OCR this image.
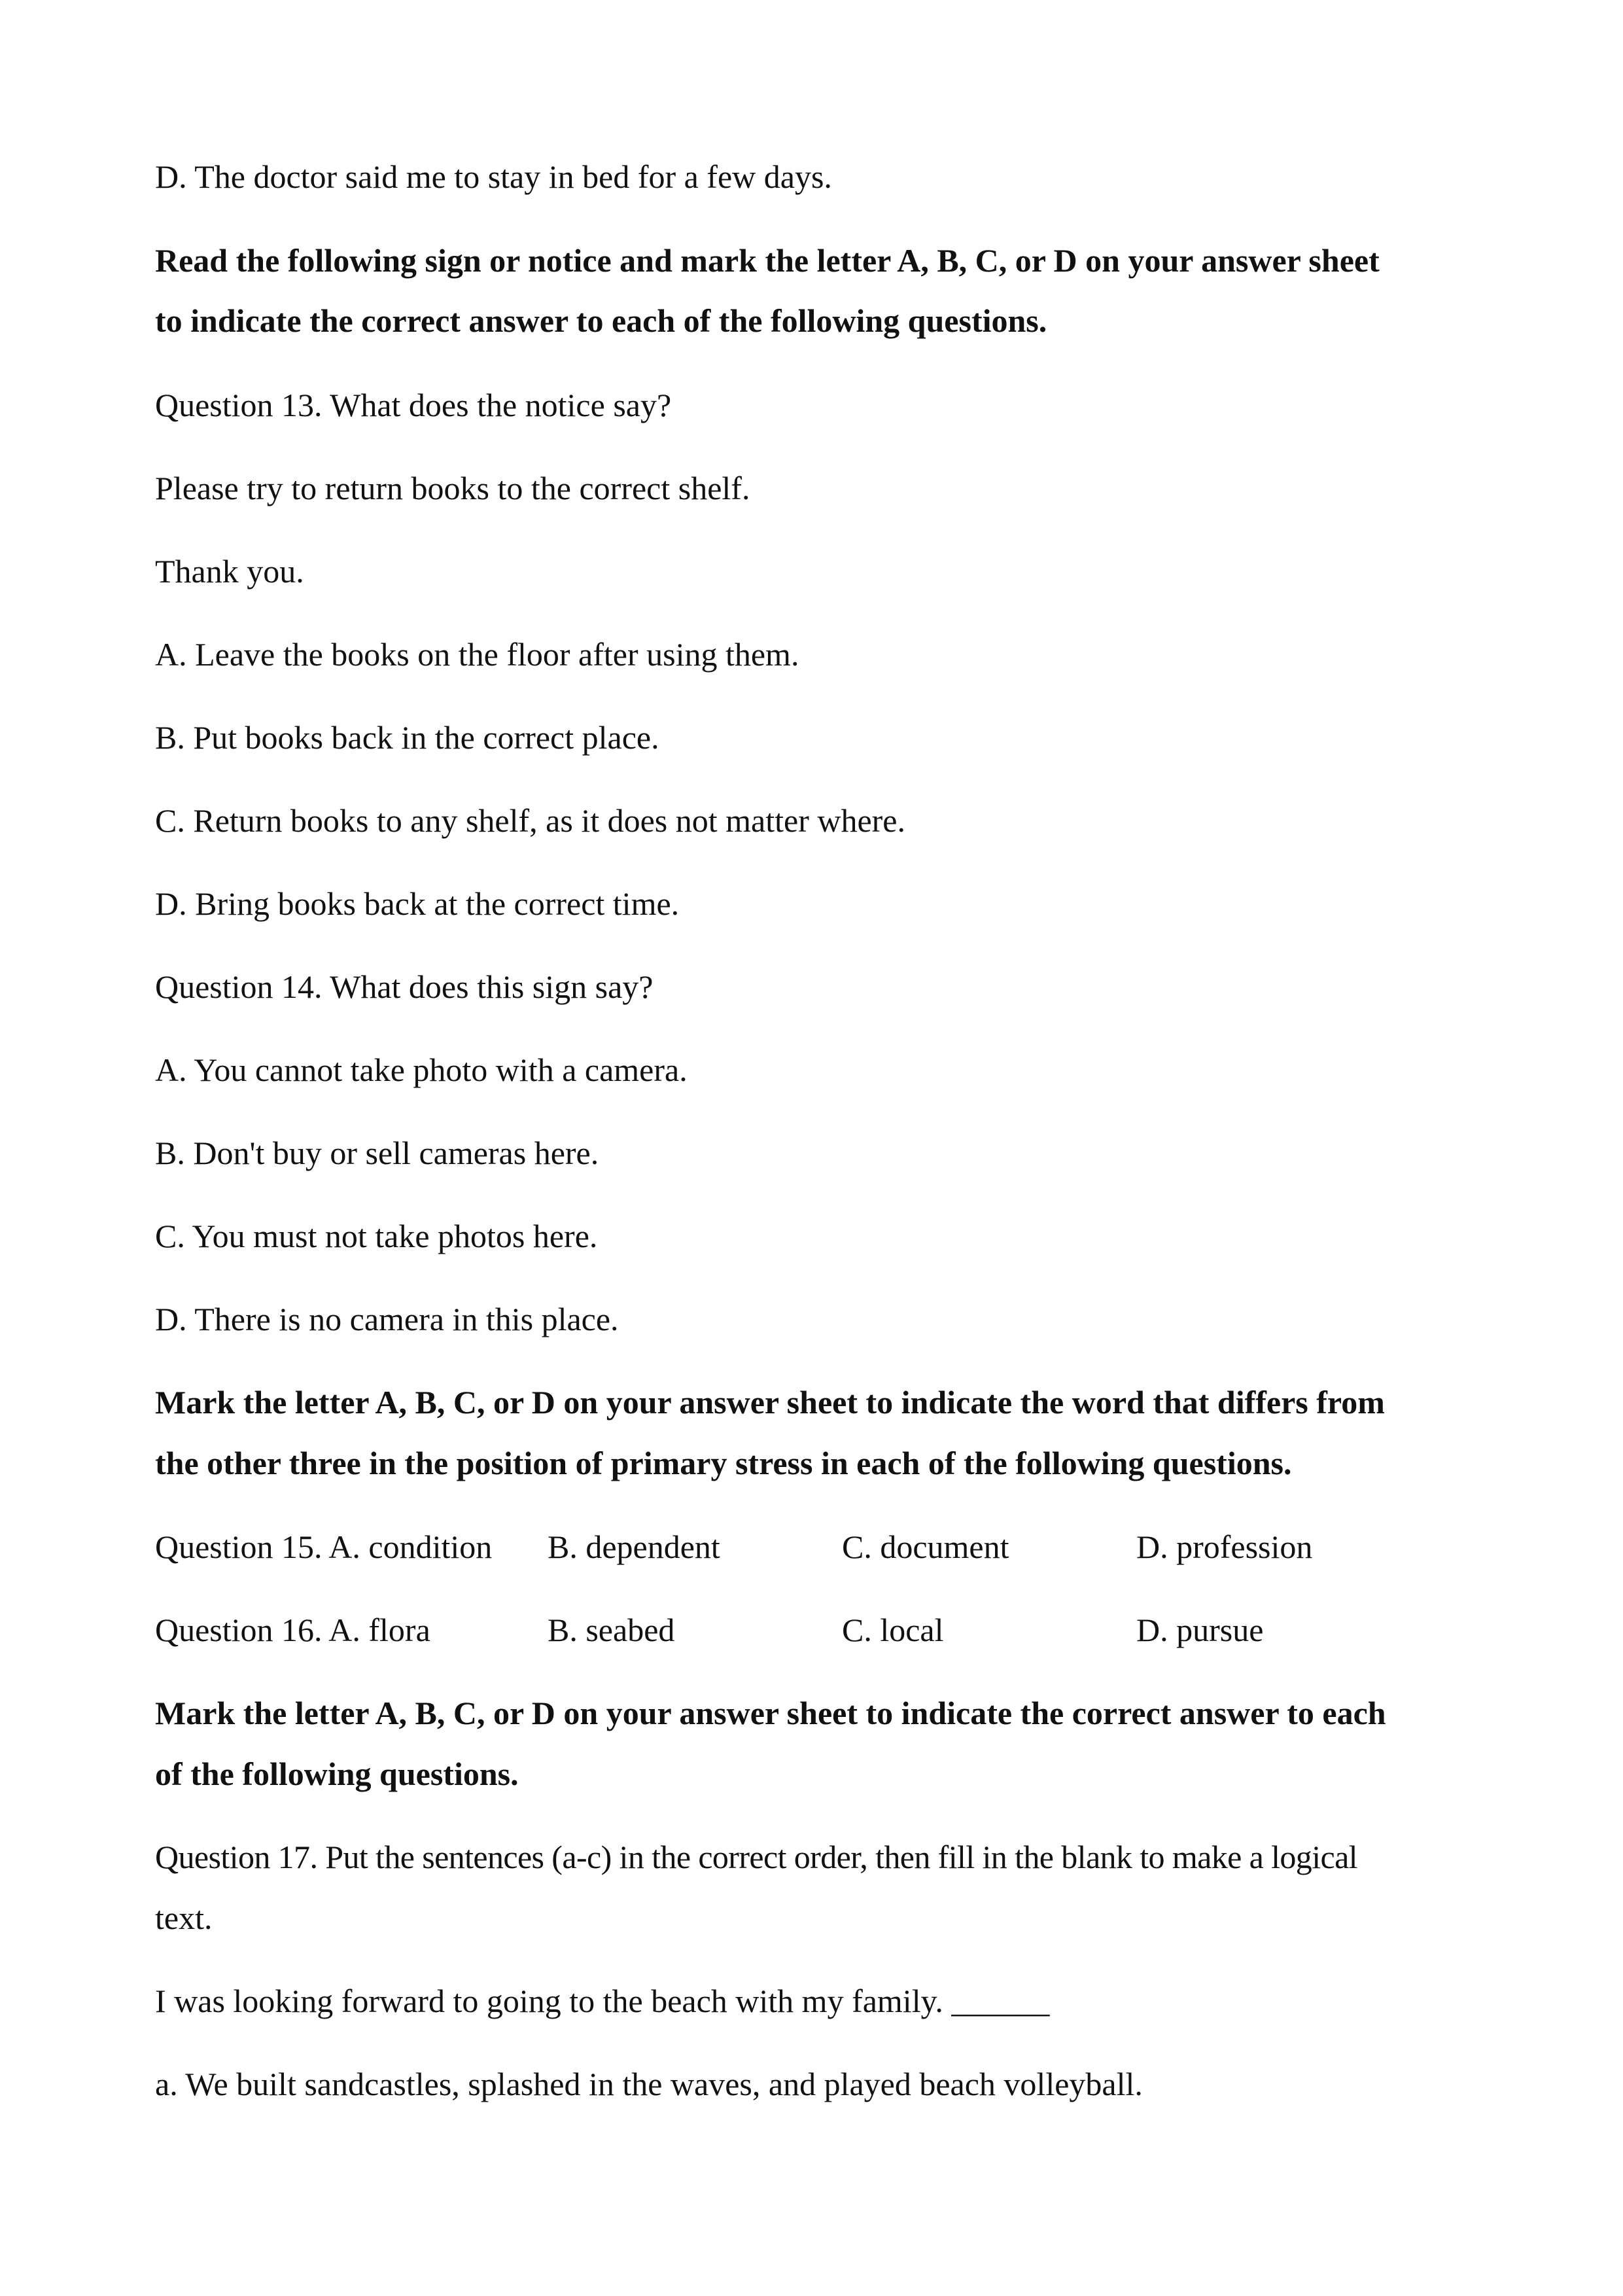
D. The doctor said me to stay in bed for a few days.
Read the following sign or notice and mark the letter A, B, C, or D on your answer sheet
to indicate the correct answer to each of the following questions.
Question 13. What does the notice say?
Please try to return books to the correct shelf.
Thank you.
A. Leave the books on the floor after using them.
B. Put books back in the correct place.
C. Return books to any shelf, as it does not matter where.
D. Bring books back at the correct time.
Question 14. What does this sign say?
A. You cannot take photo with a camera.
B. Don't buy or sell cameras here.
C. You must not take photos here.
D. There is no camera in this place.
Mark the letter A, B, C, or D on your answer sheet to indicate the word that differs from
the other three in the position of primary stress in each of the following questions.
Question 15. A. condition B. dependent	C. document	D. profession
Question 16. A. flora	B. seabed	C. local	D. pursue
Mark the letter A, B, C, or D on your answer sheet to indicate the correct answer to each
of the following questions.
Question 17. Put the sentences (a-c) in the correct order, then fill in the blank to make a logical
text.
I was looking forward to going to the beach with my family. ______
a. We built sandcastles, splashed in the waves, and played beach volleyball.
